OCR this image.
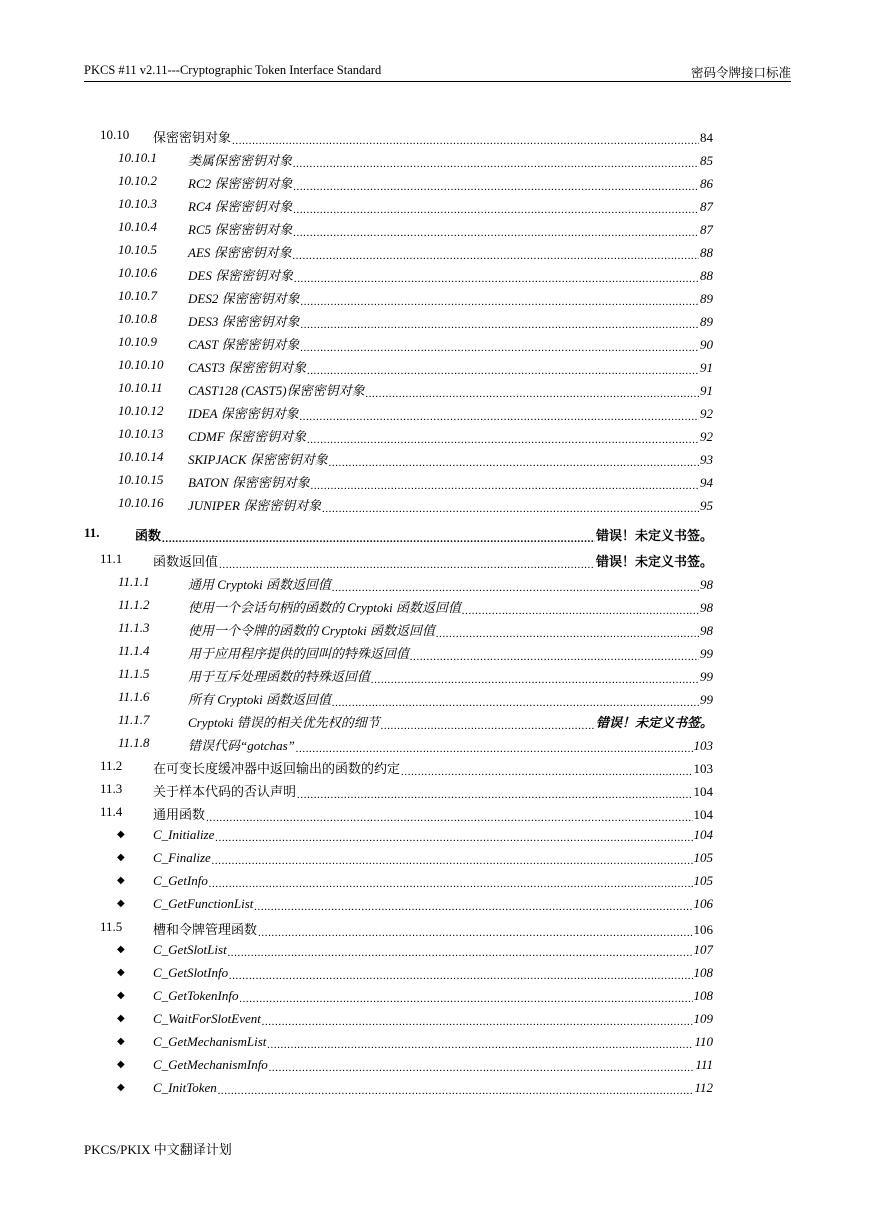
PKCS #11 v2.11---Cryptographic Token Interface Standard	密码令牌接口标准
10.10 保密密钥对象 .....	84
10.10.1 类属保密密钥对象 .....	85
10.10.2 RC2 保密密钥对象 .....	86
10.10.3 RC4 保密密钥对象 .....	87
10.10.4 RC5 保密密钥对象 .....	87
10.10.5 AES 保密密钥对象 .....	88
10.10.6 DES 保密密钥对象 .....	88
10.10.7 DES2 保密密钥对象 .....	89
10.10.8 DES3 保密密钥对象 .....	89
10.10.9 CAST 保密密钥对象 .....	90
10.10.10 CAST3 保密密钥对象 .....	91
10.10.11 CAST128 (CAST5)保密密钥对象 .....	91
10.10.12 IDEA 保密密钥对象 .....	92
10.10.13 CDMF 保密密钥对象 .....	92
10.10.14 SKIPJACK 保密密钥对象 .....	93
10.10.15 BATON 保密密钥对象 .....	94
10.10.16 JUNIPER 保密密钥对象 .....	95
11.	函数 .....	错误！未定义书签。
11.1 函数返回值 .....	错误！未定义书签。
11.1.1	通用 Cryptoki 函数返回值 .....	98
11.1.2	使用一个会话句柄的函数的 Cryptoki 函数返回值 .....	98
11.1.3	使用一个令牌的函数的 Cryptoki 函数返回值 .....	98
11.1.4	用于应用程序提供的回叫的特殊返回值 .....	99
11.1.5	用于互斥处理函数的特殊返回值 .....	99
11.1.6	所有 Cryptoki 函数返回值 .....	99
11.1.7	Cryptoki 错误的相关优先权的细节 .....	错误！未定义书签。
11.1.8	错误代码“gotchas” .....	103
11.2 在可变长度缓冲器中返回输出的函数的约定 .....	103
11.3 关于样本代码的否认声明 .....	104
11.4 通用函数 .....	104
◆ C_Initialize .....	104
◆ C_Finalize .....	105
◆ C_GetInfo .....	105
◆ C_GetFunctionList .....	106
11.5 槽和令牌管理函数 .....	106
◆ C_GetSlotList .....	107
◆ C_GetSlotInfo .....	108
◆ C_GetTokenInfo .....	108
◆ C_WaitForSlotEvent .....	109
◆ C_GetMechanismList .....	110
◆ C_GetMechanismInfo .....	111
◆ C_InitToken .....	112
PKCS/PKIX 中文翻译计划
